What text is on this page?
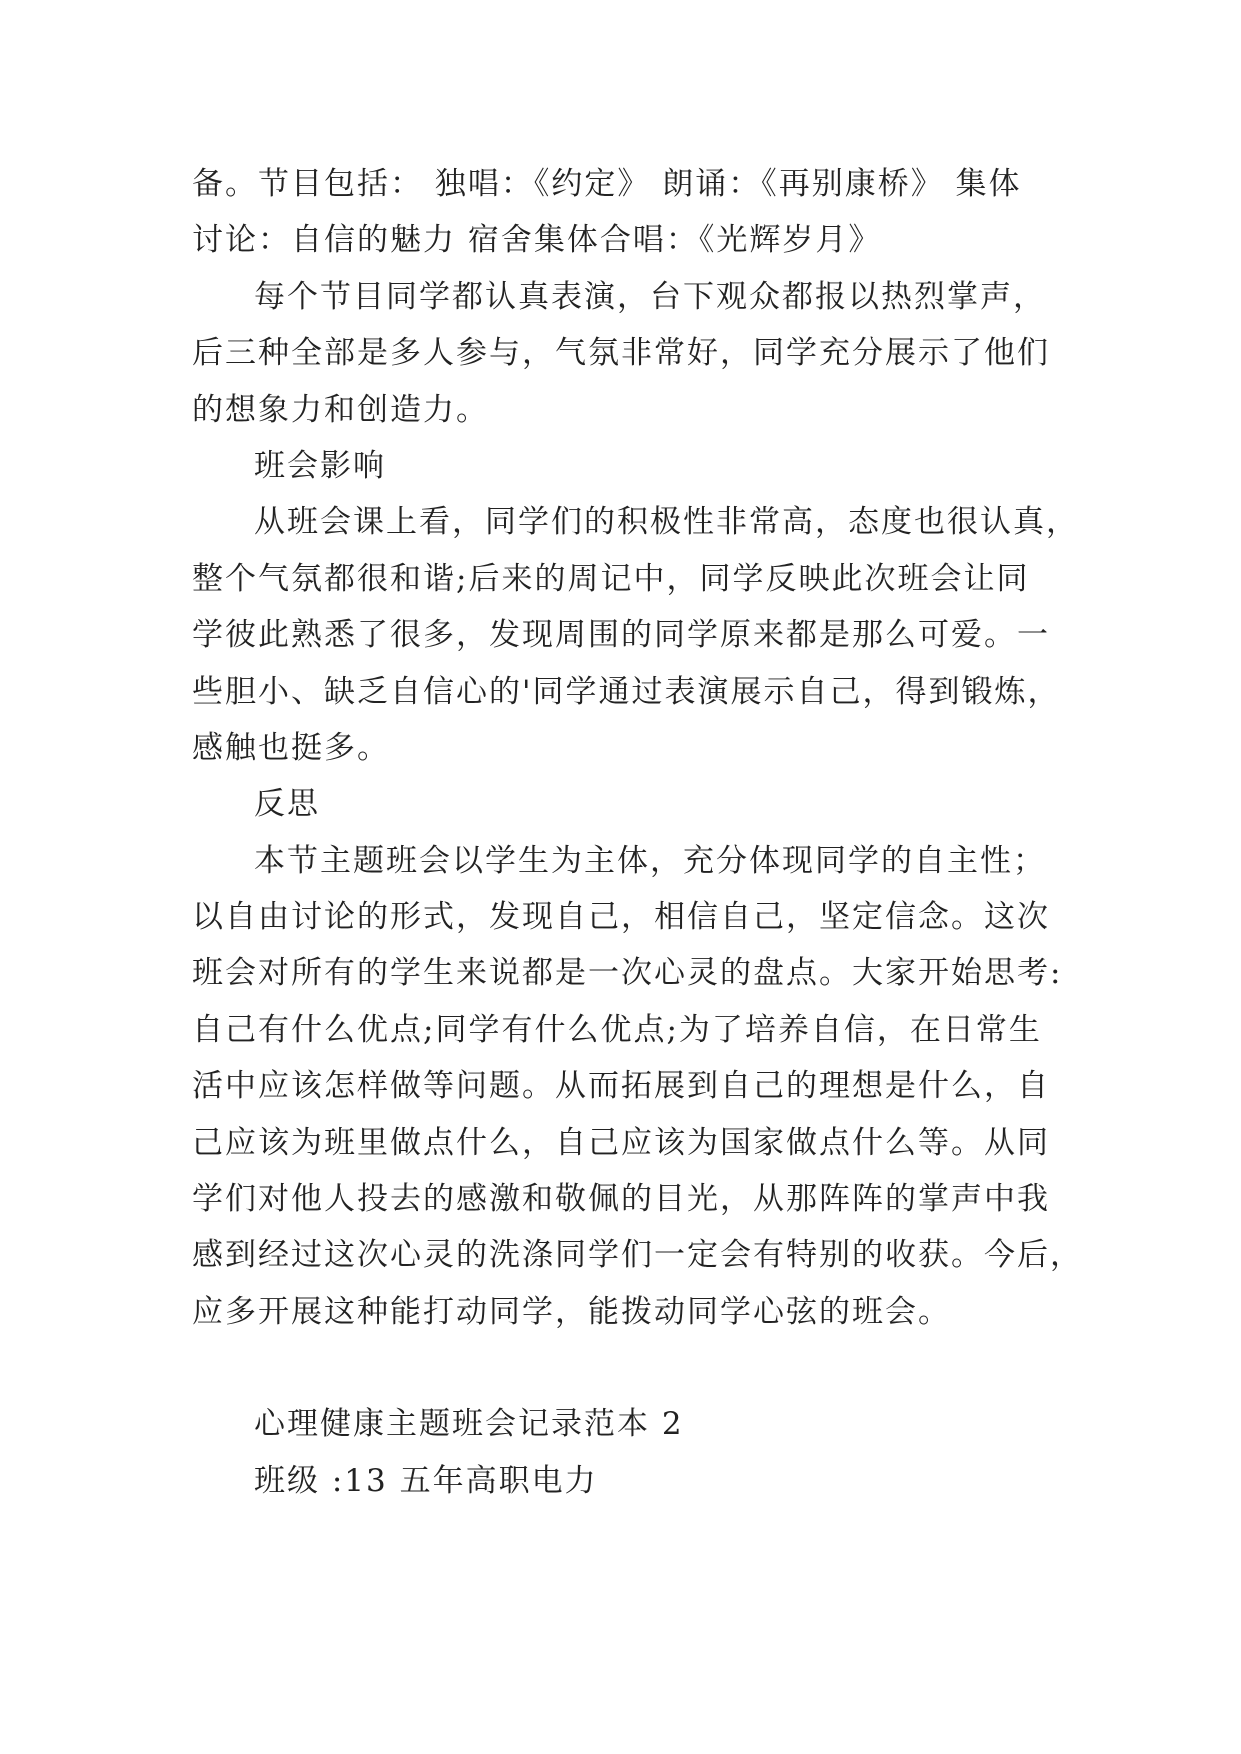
备。节目包括： 独唱：《约定》 朗诵：《再别康桥》 集体
讨论：自信的魅力 宿舍集体合唱：《光辉岁月》
每个节目同学都认真表演，台下观众都报以热烈掌声，
后三种全部是多人参与，气氛非常好，同学充分展示了他们
的想象力和创造力。
班会影响
从班会课上看，同学们的积极性非常高，态度也很认真，
整个气氛都很和谐;后来的周记中，同学反映此次班会让同
学彼此熟悉了很多，发现周围的同学原来都是那么可爱。一
些胆小、缺乏自信心的'同学通过表演展示自己，得到锻炼，
感触也挺多。
反思
本节主题班会以学生为主体，充分体现同学的自主性；
以自由讨论的形式，发现自己，相信自己，坚定信念。这次
班会对所有的学生来说都是一次心灵的盘点。大家开始思考:
自己有什么优点;同学有什么优点;为了培养自信，在日常生
活中应该怎样做等问题。从而拓展到自己的理想是什么，自
己应该为班里做点什么，自己应该为国家做点什么等。从同
学们对他人投去的感激和敬佩的目光，从那阵阵的掌声中我
感到经过这次心灵的洗涤同学们一定会有特别的收获。今后，
应多开展这种能打动同学，能拨动同学心弦的班会。
心理健康主题班会记录范本 2
班级 :13 五年高职电力
